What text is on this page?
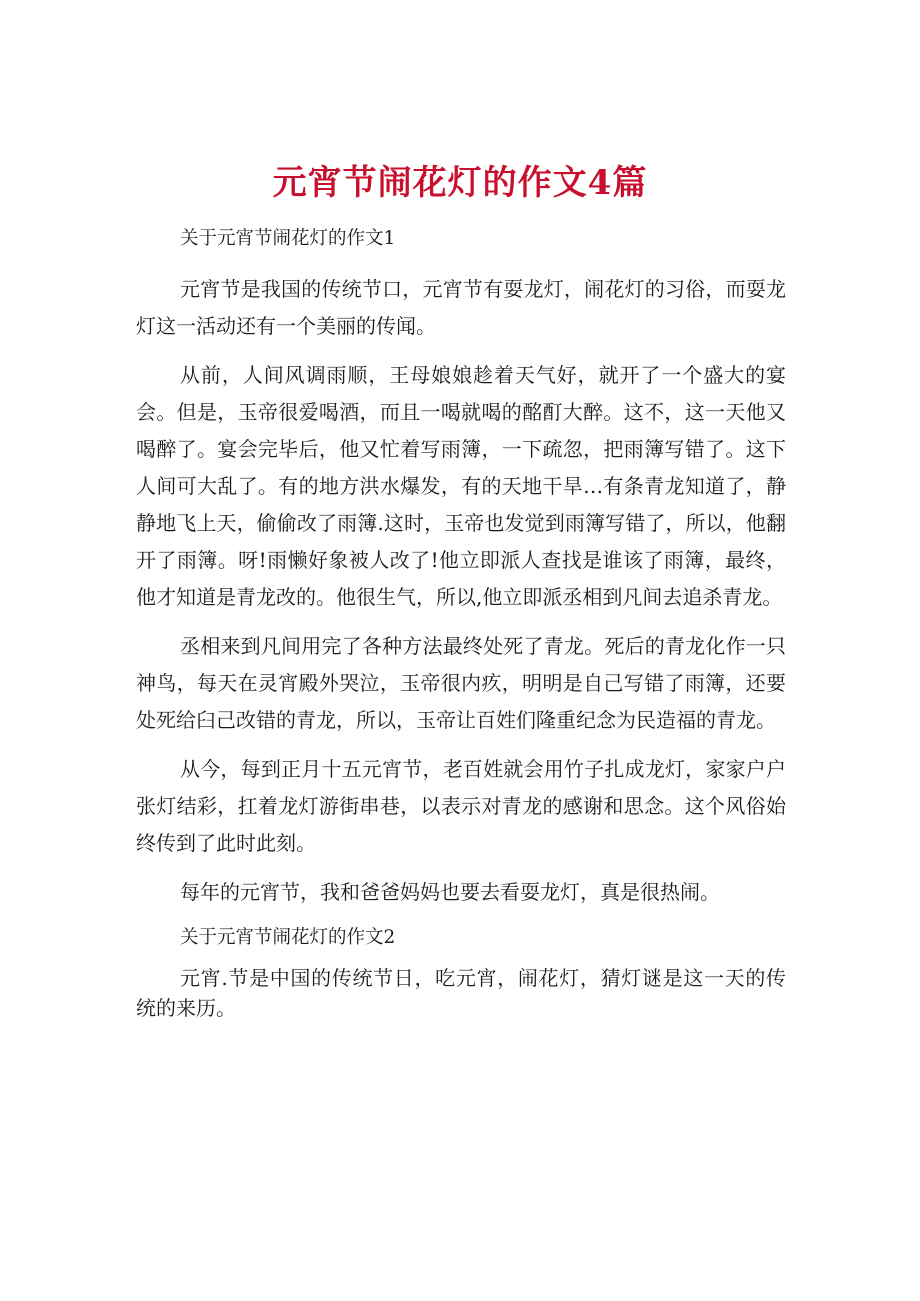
元宵节闹花灯的作文4篇

关于元宵节闹花灯的作文1

元宵节是我国的传统节口，元宵节有耍龙灯，闹花灯的习俗，而耍龙灯这一活动还有一个美丽的传闻。

从前，人间风调雨顺，王母娘娘趁着天气好，就开了一个盛大的宴会。但是，玉帝很爱喝酒，而且一喝就喝的酩酊大醉。这不，这一天他又喝醉了。宴会完毕后，他又忙着写雨簿，一下疏忽，把雨簿写错了。这下人间可大乱了。有的地方洪水爆发，有的天地干旱…有条青龙知道了，静静地飞上天，偷偷改了雨簿.这时，玉帝也发觉到雨簿写错了，所以，他翻开了雨簿。呀!雨懒好象被人改了!他立即派人查找是谁该了雨簿，最终，他才知道是青龙改的。他很生气，所以,他立即派丞相到凡间去追杀青龙。

丞相来到凡间用完了各种方法最终处死了青龙。死后的青龙化作一只神鸟，每天在灵宵殿外哭泣，玉帝很内疚，明明是自己写错了雨簿，还要处死给臼己改错的青龙，所以，玉帝让百姓们隆重纪念为民造福的青龙。

从今，每到正月十五元宵节，老百姓就会用竹子扎成龙灯，家家户户张灯结彩，扛着龙灯游街串巷，以表示对青龙的感谢和思念。这个风俗始终传到了此时此刻。

每年的元宵节，我和爸爸妈妈也要去看耍龙灯，真是很热闹。

关于元宵节闹花灯的作文2

元宵.节是中国的传统节日，吃元宵，闹花灯，猜灯谜是这一天的传统的来历。
